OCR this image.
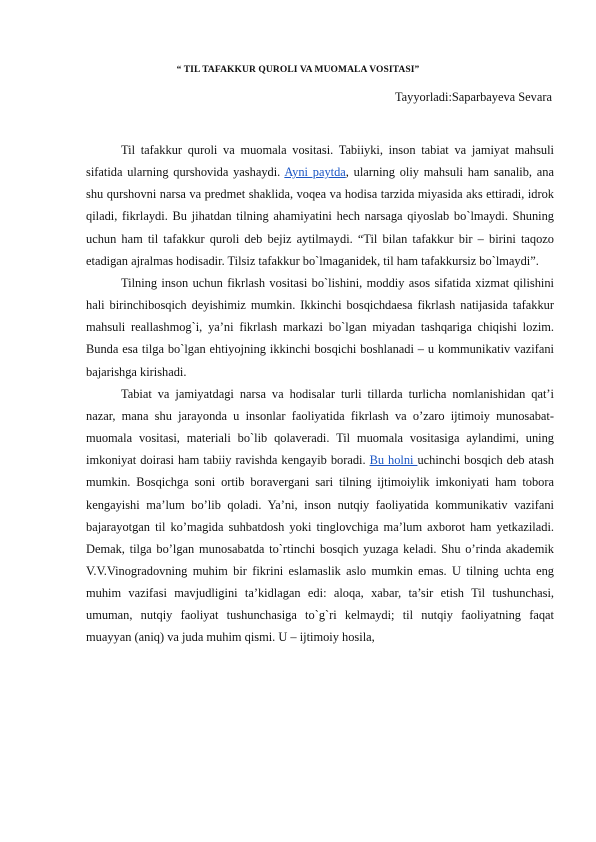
“ TIL TAFAKKUR QUROLI VA MUOMALA VOSITASI”
Tayyorladi:Saparbayeva Sevara

Til tafakkur quroli va muomala vositasi. Tabiiyki, inson tabiat va jamiyat mahsuli sifatida ularning qurshovida yashaydi. Ayni paytda, ularning oliy mahsuli ham sanalib, ana shu qurshovni narsa va predmet shaklida, voqea va hodisa tarzida miyasida aks ettiradi, idrok qiladi, fikrlaydi. Bu jihatdan tilning ahamiyatini hech narsaga qiyoslab bo`lmaydi. Shuning uchun ham til tafakkur quroli deb bejiz aytilmaydi. “Til bilan tafakkur bir – birini taqozo etadigan ajralmas hodisadir. Tilsiz tafakkur bo`lmaganidek, til ham tafakkursiz bo`lmaydi”.

Tilning inson uchun fikrlash vositasi bo`lishini, moddiy asos sifatida xizmat qilishini hali birinchibosqich deyishimiz mumkin. Ikkinchi bosqichdaesa fikrlash natijasida tafakkur mahsuli reallashmog`i, ya’ni fikrlash markazi bo`lgan miyadan tashqariga chiqishi lozim. Bunda esa tilga bo`lgan ehtiyojning ikkinchi bosqichi boshlanadi – u kommunikativ vazifani bajarishga kirishadi.

Tabiat va jamiyatdagi narsa va hodisalar turli tillarda turlicha nomlanishidan qat’i nazar, mana shu jarayonda u insonlar faoliyatida fikrlash va o’zaro ijtimoiy munosabat- muomala vositasi, materiali bo`lib qolaveradi. Til muomala vositasiga aylandimi, uning imkoniyat doirasi ham tabiiy ravishda kengayib boradi. Bu holni uchinchi bosqich deb atash mumkin. Bosqichga soni ortib boravergani sari tilning ijtimoiylik imkoniyati ham tobora kengayishi ma’lum bo’lib qoladi. Ya’ni, inson nutqiy faoliyatida kommunikativ vazifani bajarayotgan til ko’magida suhbatdosh yoki tinglovchiga ma’lum axborot ham yetkaziladi. Demak, tilga bo’lgan munosabatda to`rtinchi bosqich yuzaga keladi. Shu o’rinda akademik V.V.Vinogradovning muhim bir fikrini eslamaslik aslo mumkin emas. U tilning uchta eng muhim vazifasi mavjudligini ta’kidlagan edi: aloqa, xabar, ta’sir etish Til tushunchasi, umuman, nutqiy faoliyat tushunchasiga to`g`ri kelmaydi; til nutqiy faoliyatning faqat muayyan (aniq) va juda muhim qismi. U – ijtimoiy hosila,
